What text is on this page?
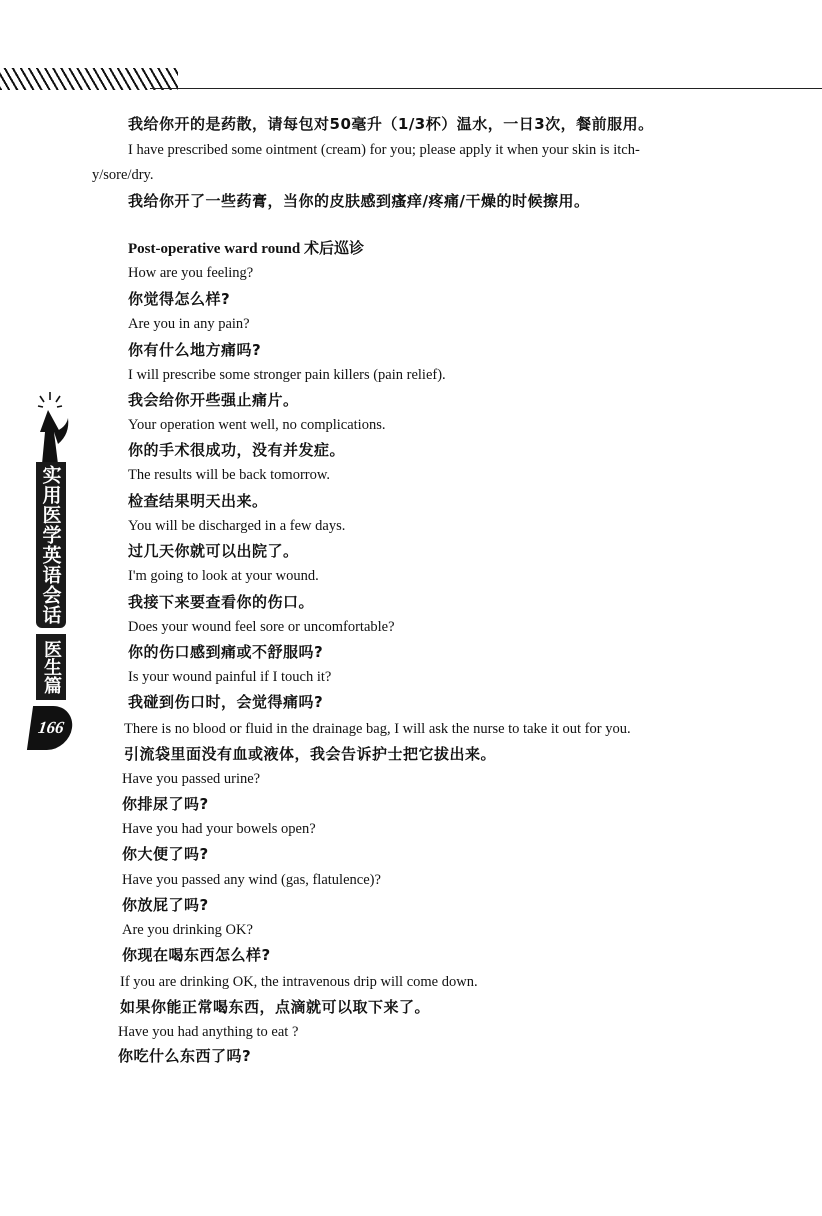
我给你开的是药散，请每包对50毫升（1/3杯）温水，一日3次，餐前服用。
I have prescribed some ointment (cream) for you; please apply it when your skin is itch-
y/sore/dry.
我给你开了一些药膏，当你的皮肤感到瘙痒/疼痛/干燥的时候擦用。
Post-operative ward round 术后巡诊
How are you feeling?
你觉得怎么样?
Are you in any pain?
你有什么地方痛吗?
I will prescribe some stronger pain killers (pain relief).
我会给你开些强止痛片。
Your operation went well, no complications.
你的手术很成功，没有并发症。
The results will be back tomorrow.
检查结果明天出来。
You will be discharged in a few days.
过几天你就可以出院了。
I'm going to look at your wound.
我接下来要查看你的伤口。
Does your wound feel sore or uncomfortable?
你的伤口感到痛或不舒服吗?
Is your wound painful if I touch it?
我碰到伤口时，会觉得痛吗?
There is no blood or fluid in the drainage bag, I will ask the nurse to take it out for you.
引流袋里面没有血或液体，我会告诉护士把它拔出来。
Have you passed urine?
你排尿了吗?
Have you had your bowels open?
你大便了吗?
Have you passed any wind (gas, flatulence)?
你放屁了吗?
Are you drinking OK?
你现在喝东西怎么样?
If you are drinking OK, the intravenous drip will come down.
如果你能正常喝东西，点滴就可以取下来了。
Have you had anything to eat ?
你吃什么东西了吗?
实用医学英语会话
医生篇
166
